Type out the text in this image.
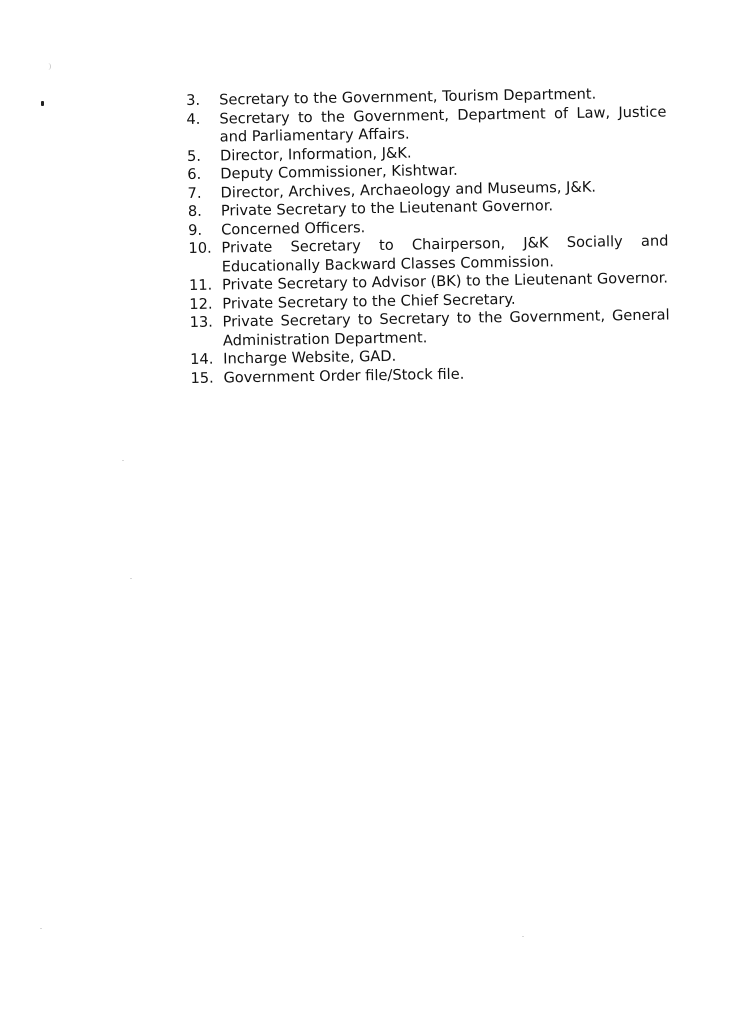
3.	Secretary to the Government, Tourism Department.
4.	Secretary to the Government, Department of Law, Justice and Parliamentary Affairs.
5.	Director, Information, J&K.
6.	Deputy Commissioner, Kishtwar.
7.	Director, Archives, Archaeology and Museums, J&K.
8.	Private Secretary to the Lieutenant Governor.
9.	Concerned Officers.
10. Private Secretary to Chairperson, J&K Socially and Educationally Backward Classes Commission.
11. Private Secretary to Advisor (BK) to the Lieutenant Governor.
12. Private Secretary to the Chief Secretary.
13. Private Secretary to Secretary to the Government, General Administration Department.
14. Incharge Website, GAD.
15. Government Order file/Stock file.
